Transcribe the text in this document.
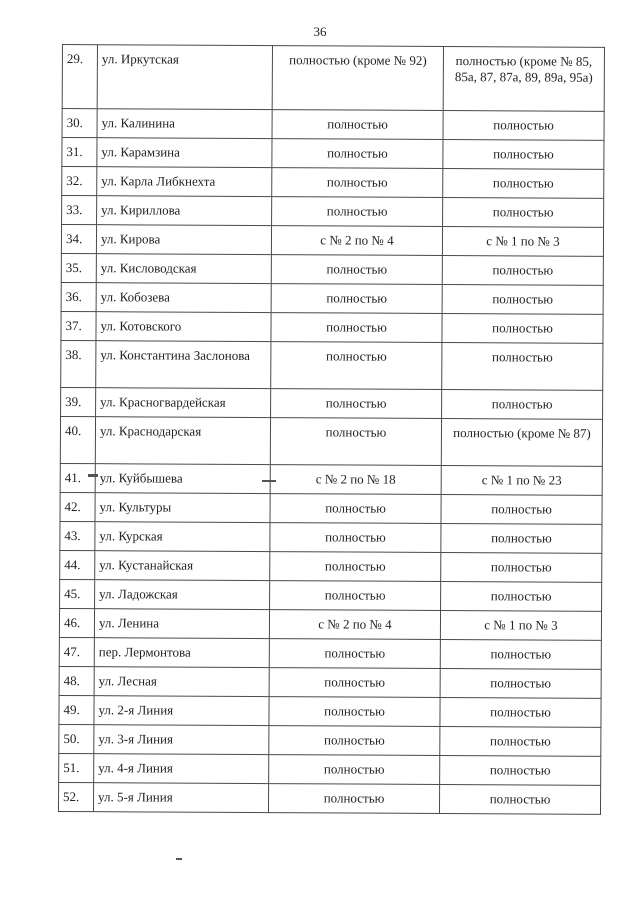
36
29.	ул. Иркутская	полностью (кроме № 92)	полностью (кроме № 85, 85а, 87, 87а, 89, 89а, 95а)
30.	ул. Калинина	полностью	полностью
31.	ул. Карамзина	полностью	полностью
32.	ул. Карла Либкнехта	полностью	полностью
33.	ул. Кириллова	полностью	полностью
34.	ул. Кирова	с № 2 по № 4	с № 1 по № 3
35.	ул. Кисловодская	полностью	полностью
36.	ул. Кобозева	полностью	полностью
37.	ул. Котовского	полностью	полностью
38.	ул. Константина Заслонова	полностью	полностью
39.	ул. Красногвардейская	полностью	полностью
40.	ул. Краснодарская	полностью	полностью (кроме № 87)
41.	ул. Куйбышева	с № 2 по № 18	с № 1 по № 23
42.	ул. Культуры	полностью	полностью
43.	ул. Курская	полностью	полностью
44.	ул. Кустанайская	полностью	полностью
45.	ул. Ладожская	полностью	полностью
46.	ул. Ленина	с № 2 по № 4	с № 1 по № 3
47.	пер. Лермонтова	полностью	полностью
48.	ул. Лесная	полностью	полностью
49.	ул. 2-я Линия	полностью	полностью
50.	ул. 3-я Линия	полностью	полностью
51.	ул. 4-я Линия	полностью	полностью
52.	ул. 5-я Линия	полностью	полностью
